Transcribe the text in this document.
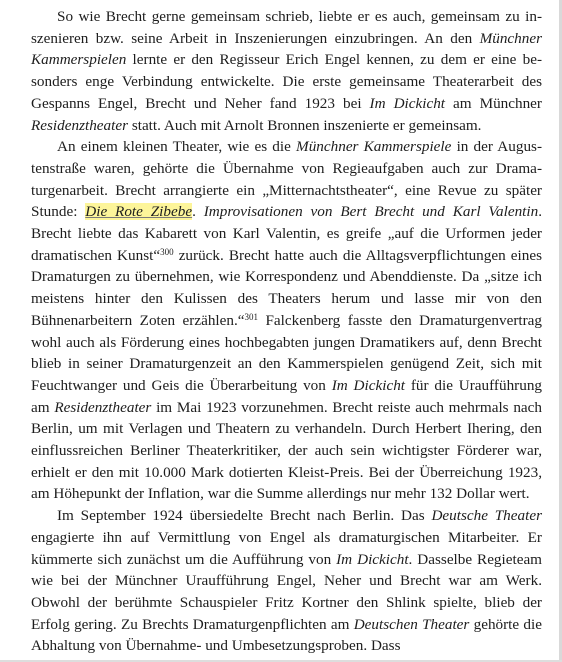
So wie Brecht gerne gemeinsam schrieb, liebte er es auch, gemeinsam zu inszenieren bzw. seine Arbeit in Inszenierungen einzubringen. An den Münchner Kammerspielen lernte er den Regisseur Erich Engel kennen, zu dem er eine besonders enge Verbindung entwickelte. Die erste gemeinsame Theaterarbeit des Gespanns Engel, Brecht und Neher fand 1923 bei Im Dickicht am Münchner Residenztheater statt. Auch mit Arnolt Bronnen inszenierte er gemeinsam.

An einem kleinen Theater, wie es die Münchner Kammerspiele in der Augustenstraße waren, gehörte die Übernahme von Regieaufgaben auch zur Dramaturgenarbeit. Brecht arrangierte ein „Mitternachtstheater“, eine Revue zu später Stunde: Die Rote Zibebe. Improvisationen von Bert Brecht und Karl Valentin. Brecht liebte das Kabarett von Karl Valentin, es greife „auf die Urformen jeder dramatischen Kunst“$^{300}$ zurück. Brecht hatte auch die Alltagsverpflichtungen eines Dramaturgen zu übernehmen, wie Korrespondenz und Abenddienste. Da „sitze ich meistens hinter den Kulissen des Theaters herum und lasse mir von den Bühnenarbeitern Zoten erzählen.“$^{301}$ Falckenberg fasste den Dramaturgenvertrag wohl auch als Förderung eines hochbegabten jungen Dramatikers auf, denn Brecht blieb in seiner Dramaturgenzeit an den Kammerspielen genügend Zeit, sich mit Feuchtwanger und Geis die Überarbeitung von Im Dickicht für die Uraufführung am Residenztheater im Mai 1923 vorzunehmen. Brecht reiste auch mehrmals nach Berlin, um mit Verlagen und Theatern zu verhandeln. Durch Herbert Ihering, den einflussreichen Berliner Theaterkritiker, der auch sein wichtigster Förderer war, erhielt er den mit 10.000 Mark dotierten Kleist-Preis. Bei der Überreichung 1923, am Höhepunkt der Inflation, war die Summe allerdings nur mehr 132 Dollar wert.

Im September 1924 übersiedelte Brecht nach Berlin. Das Deutsche Theater engagierte ihn auf Vermittlung von Engel als dramaturgischen Mitarbeiter. Er kümmerte sich zunächst um die Aufführung von Im Dickicht. Dasselbe Regieteam wie bei der Münchner Uraufführung Engel, Neher und Brecht war am Werk. Obwohl der berühmte Schauspieler Fritz Kortner den Shlink spielte, blieb der Erfolg gering. Zu Brechts Dramaturgenpflichten am Deutschen Theater gehörte die Abhaltung von Übernahme- und Umbesetzungsproben. Dass
